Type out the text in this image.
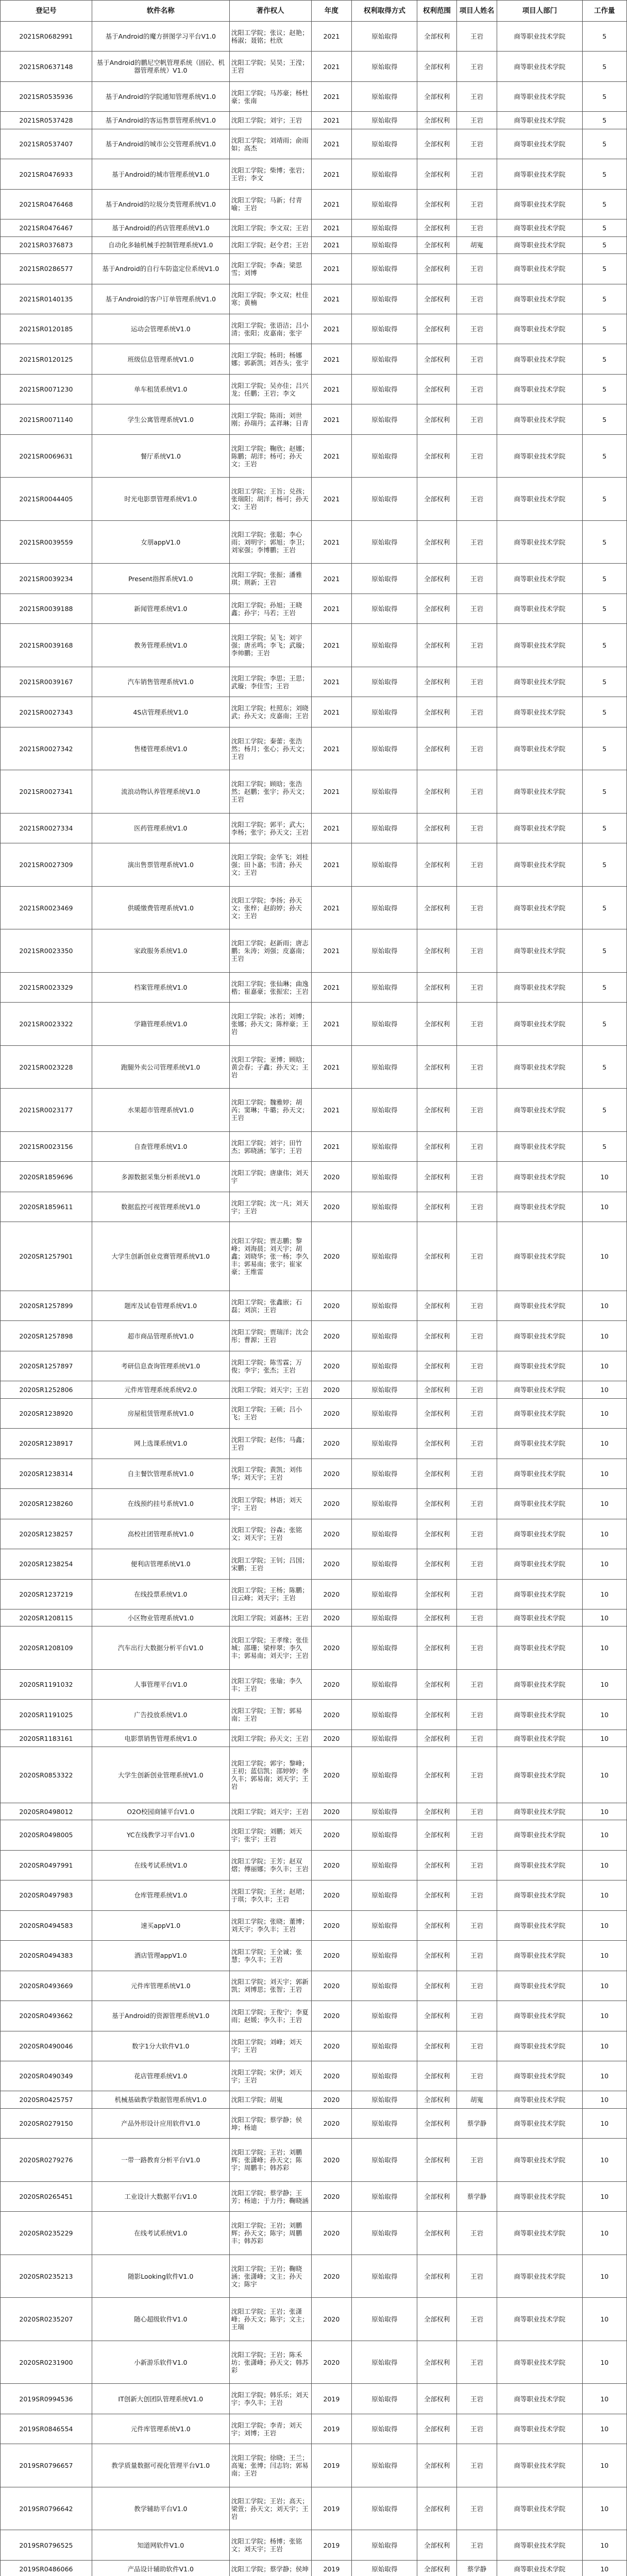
登记号	软件名称	著作权人	年度	权利取得方式	权利范围	项目人姓名	项目人部门	工作量
2021SR0682991	基于Android的魔方拼图学习平台V1.0	沈阳工学院；张议；赵艳；杨淑；聂铭；杜欣	2021	原始取得	全部权利	王岩	商等职业技术学院	5
2021SR0637148	基于Android的鹏尼空帆管理系统（固砼、机器管理系统）V1.0	沈阳工学院；吴昊；王滢；王岩	2021	原始取得	全部权利	王岩	商等职业技术学院	5
2021SR0535936	基于Android的学院通知管理系统V1.0	沈阳工学院；马苏豪；杨杜豪；张南	2021	原始取得	全部权利	王岩	商等职业技术学院	5
2021SR0537428	基于Android的客运售票管理系统V1.0	沈阳工学院；刘宇；王岩	2021	原始取得	全部权利	王岩	商等职业技术学院	5
2021SR0537407	基于Android的城市公交管理系统V1.0	沈阳工学院；刘靖雨；俞雨如；高杰	2021	原始取得	全部权利	王岩	商等职业技术学院	5
2021SR0476933	基于Android的城市管理系统V1.0	沈阳工学院；柴博；张岩；王岩；李文	2021	原始取得	全部权利	王岩	商等职业技术学院	5
2021SR0476468	基于Android的垃圾分类管理系统V1.0	沈阳工学院；马新；付青喻；王岩	2021	原始取得	全部权利	王岩	商等职业技术学院	5
2021SR0476467	基于Android的药店管理系统V1.0	沈阳工学院；李文双；王岩	2021	原始取得	全部权利	王岩	商等职业技术学院	5
2021SR0376873	自动化多轴机械手控制管理系统V1.0	沈阳工学院；赵令君；王岩	2021	原始取得	全部权利	胡嵬	商等职业技术学院	5
2021SR0286577	基于Android的自行车防盗定位系统V1.0	沈阳工学院；李森；梁思雪；刘博	2021	原始取得	全部权利	王岩	商等职业技术学院	5
2021SR0140135	基于Android的客户订单管理系统V1.0	沈阳工学院；李文双；杜佳寒；黄楠	2021	原始取得	全部权利	王岩	商等职业技术学院	5
2021SR0120185	运动会管理系统V1.0	沈阳工学院；张语洁；吕小清；张阳；皮嘉南；张宇	2021	原始取得	全部权利	王岩	商等职业技术学院	5
2021SR0120125	班级信息管理系统V1.0	沈阳工学院；杨玥；杨娜娜；郭新凯；刘杏头；张宇	2021	原始取得	全部权利	王岩	商等职业技术学院	5
2021SR0071230	单车租赁系统V1.0	沈阳工学院；吴亦佳；吕兴龙；任鹏；王岩；李文	2021	原始取得	全部权利	王岩	商等职业技术学院	5
2021SR0071140	学生公寓管理系统V1.0	沈阳工学院；陈雨；刘世刚；孙瑞丹；孟祥琳；日青	2021	原始取得	全部权利	王岩	商等职业技术学院	5
2021SR0069631	餐厅系统V1.0	沈阳工学院；鞠欣；赵娜；陈鹏；胡洋；杨可；孙天文；王岩	2021	原始取得	全部权利	王岩	商等职业技术学院	5
2021SR0044405	时光电影票管理系统V1.0	沈阳工学院；王旨；兑孩；张瑞阳；胡洋；杨可；孙天文；王岩	2021	原始取得	全部权利	王岩	商等职业技术学院	5
2021SR0039559	女朋appV1.0	沈阳工学院；张聪；李心雨；刘明宇；郭旭；李卫；刘家强；李博鹏；王岩	2021	原始取得	全部权利	王岩	商等职业技术学院	5
2021SR0039234	Present指挥系统V1.0	沈阳工学院；张振；潘雅琪；荆新；王岩	2021	原始取得	全部权利	王岩	商等职业技术学院	5
2021SR0039188	新闻管理系统V1.0	沈阳工学院；孙旭；王晓鑫；孙宇；马若；王岩	2021	原始取得	全部权利	王岩	商等职业技术学院	5
2021SR0039168	教务管理系统V1.0	沈阳工学院；吴飞；刘宇强；唐丞鸣；李飞；武璇；李帅鹏；王岩	2021	原始取得	全部权利	王岩	商等职业技术学院	5
2021SR0039167	汽车销售管理系统V1.0	沈阳工学院；李思；王思；武璇；李佳雪；王岩	2021	原始取得	全部权利	王岩	商等职业技术学院	5
2021SR0027343	4S店管理系统V1.0	沈阳工学院；杜照东；刘晓武；孙天文；皮嘉南；王岩	2021	原始取得	全部权利	王岩	商等职业技术学院	5
2021SR0027342	售楼管理系统V1.0	沈阳工学院；秦蕾；张浩然；杨月；张心；孙天文；王岩	2021	原始取得	全部权利	王岩	商等职业技术学院	5
2021SR0027341	流浪动物认养管理系统V1.0	沈阳工学院；顾晗；张浩然；赵鹏；张宇；孙天文；王岩	2021	原始取得	全部权利	王岩	商等职业技术学院	5
2021SR0027334	医药管理系统V1.0	沈阳工学院；郭平；武大；李杨；张宇；孙天文；王岩	2021	原始取得	全部权利	王岩	商等职业技术学院	5
2021SR0027309	演出售票管理系统V1.0	沈阳工学院；金华飞；刘桂强；田卜嘉；韦清；孙天文；王岩	2021	原始取得	全部权利	王岩	商等职业技术学院	5
2021SR0023469	供暖缴费管理系统V1.0	沈阳工学院；李扬；孙天文；张梓；赵韵婷；孙天文；王岩	2021	原始取得	全部权利	王岩	商等职业技术学院	5
2021SR0023350	家政服务系统V1.0	沈阳工学院；赵新雨；唐志鹏；朱涛；刘强；皮嘉南；王岩	2021	原始取得	全部权利	王岩	商等职业技术学院	5
2021SR0023329	档案管理系统V1.0	沈阳工学院；张仙琳；曲逸楷；崔嘉豪；张振宏；王岩	2021	原始取得	全部权利	王岩	商等职业技术学院	5
2021SR0023322	学籍管理系统V1.0	沈阳工学院；冰若；刘博；张娜；孙天文；陈梓豪；王岩	2021	原始取得	全部权利	王岩	商等职业技术学院	5
2021SR0023228	跑腿外卖公司管理系统V1.0	沈阳工学院；亚博；顾晗；黄会春；子鑫；孙天文；王岩	2021	原始取得	全部权利	王岩	商等职业技术学院	5
2021SR0023177	水果超市管理系统V1.0	沈阳工学院；魏雅婷；胡芮；窦琳；牛璐；孙天文；王岩	2021	原始取得	全部权利	王岩	商等职业技术学院	5
2021SR0023156	自查管理系统V1.0	沈阳工学院；刘宇；田竹杰；郭晓涵；邹宇；王岩	2021	原始取得	全部权利	王岩	商等职业技术学院	5
2020SR1859696	多源数据采集分析系统V1.0	沈阳工学院；唐康伟；刘天宇	2020	原始取得	全部权利	王岩	商等职业技术学院	10
2020SR1859611	数据监控可视管理系统V1.0	沈阳工学院；沈一凡；刘天宇；王岩	2020	原始取得	全部权利	王岩	商等职业技术学院	10
2020SR1257901	大学生创新创业竞赛管理系统V1.0	沈阳工学院；贾志鹏；黎峰；刘海晨；刘天宇；胡鑫；刘晓华；张一杨；李久丰；郭易南；张宇；崔家豪；王维雷	2020	原始取得	全部权利	王岩	商等职业技术学院	10
2020SR1257899	题库及试卷管理系统V1.0	沈阳工学院；张鑫嵌；石磊；刘滨；王岩	2020	原始取得	全部权利	王岩	商等职业技术学院	10
2020SR1257898	超市商品管理系统V1.0	沈阳工学院；贾瑞洋；沈会彤；曹源；王岩	2020	原始取得	全部权利	王岩	商等职业技术学院	10
2020SR1257897	考研信息查询管理系统V1.0	沈阳工学院；陈雪霖；万俊；李宇；张杰；王岩	2020	原始取得	全部权利	王岩	商等职业技术学院	10
2020SR1252806	元件库管理系统系统V2.0	沈阳工学院；刘天宇；王岩	2020	原始取得	全部权利	王岩	商等职业技术学院	10
2020SR1238920	房屋租赁管理系统V1.0	沈阳工学院；王硕；吕小飞；王岩	2020	原始取得	全部权利	王岩	商等职业技术学院	10
2020SR1238917	网上选课系统V1.0	沈阳工学院；赵伟；马鑫；王岩	2020	原始取得	全部权利	王岩	商等职业技术学院	10
2020SR1238314	自主餐饮管理系统V1.0	沈阳工学院；黄凯；刘伟华；刘天宇；王岩	2020	原始取得	全部权利	王岩	商等职业技术学院	10
2020SR1238260	在线预约挂号系统V1.0	沈阳工学院；林语；刘天宇；王岩	2020	原始取得	全部权利	王岩	商等职业技术学院	10
2020SR1238257	高校社团管理系统V1.0	沈阳工学院；谷森；张铭文；刘天宇；王岩	2020	原始取得	全部权利	王岩	商等职业技术学院	10
2020SR1238254	便利店管理系统V1.0	沈阳工学院；王钊；吕国；宋鹏；王岩	2020	原始取得	全部权利	王岩	商等职业技术学院	10
2020SR1237219	在线投票系统V1.0	沈阳工学院；王杨；陈鹏；日云峰；刘天宇；王岩	2020	原始取得	全部权利	王岩	商等职业技术学院	10
2020SR1208115	小区物业管理系统V1.0	沈阳工学院；刘嘉林；王岩	2020	原始取得	全部权利	王岩	商等职业技术学院	10
2020SR1208109	汽车出行大数据分析平台V1.0	沈阳工学院；王孝缘；张佳城；邵珊；梁梓翠；李久丰；郭易南；刘天宇；王岩	2020	原始取得	全部权利	王岩	商等职业技术学院	10
2020SR1191032	人事管理平台V1.0	沈阳工学院；张瑜；李久丰；王岩	2020	原始取得	全部权利	王岩	商等职业技术学院	10
2020SR1191025	广告投放系统V1.0	沈阳工学院；王智；郭易南；王岩	2020	原始取得	全部权利	王岩	商等职业技术学院	10
2020SR1183161	电影票销售管理系统V1.0	沈阳工学院；孙天文；王岩	2020	原始取得	全部权利	王岩	商等职业技术学院	10
2020SR0853322	大学生创新创业管理系统V1.0	沈阳工学院；郭宇；黎峰；王初；蓝信凯；邵婷婷；李久丰；郭易南；刘天宇；王岩	2020	原始取得	全部权利	王岩	商等职业技术学院	10
2020SR0498012	O2O校园商铺平台V1.0	沈阳工学院；刘天宇；王岩	2020	原始取得	全部权利	王岩	商等职业技术学院	10
2020SR0498005	YC在线教学习平台V1.0	沈阳工学院；刘鹏；刘天宇；张宇；王岩	2020	原始取得	全部权利	王岩	商等职业技术学院	10
2020SR0497991	在线考试系统V1.0	沈阳工学院；王芳；赵双熠；傅丽娜；李久丰；王岩	2020	原始取得	全部权利	王岩	商等职业技术学院	10
2020SR0497983	仓库管理系统V1.0	沈阳工学院；王丝；赵珺；于琪；李久丰；王岩	2020	原始取得	全部权利	王岩	商等职业技术学院	10
2020SR0494583	速买appV1.0	沈阳工学院；张晓；董博；刘天宇；李久丰；王岩	2020	原始取得	全部权利	王岩	商等职业技术学院	10
2020SR0494383	酒店管理appV1.0	沈阳工学院；王全诚；张慧；李久丰；王岩	2020	原始取得	全部权利	王岩	商等职业技术学院	10
2020SR0493669	元件库管理系统V1.0	沈阳工学院；刘天宇；郭新凯；刘博思；张智；王岩	2020	原始取得	全部权利	王岩	商等职业技术学院	10
2020SR0493662	基于Android的资源管理系统V1.0	沈阳工学院；王俊宁；李夏雨；赵媛；李久丰；王岩	2020	原始取得	全部权利	王岩	商等职业技术学院	10
2020SR0490046	数字1分大软件V1.0	沈阳工学院；刘峰；刘天宇；王岩	2020	原始取得	全部权利	王岩	商等职业技术学院	10
2020SR0490349	花店管理系统V1.0	沈阳工学院；宋伊；刘天宇；王岩	2020	原始取得	全部权利	王岩	商等职业技术学院	10
2020SR0425757	机械基础教学数据管理系统V1.0	沈阳工学院；胡嵬	2020	原始取得	全部权利	胡嵬	商等职业技术学院	10
2020SR0279150	产品外形设计应用软件V1.0	沈阳工学院；蔡学静；侯坤；杨迪	2020	原始取得	全部权利	蔡学静	商等职业技术学院	10
2020SR0279276	一带一路教育分析平台V1.0	沈阳工学院；王岩；刘鹏辉；张潇峰；孙天文；陈宇；周鹏丰；韩苏彩	2020	原始取得	全部权利	王岩	商等职业技术学院	10
2020SR0265451	工业设计大数据平台V1.0	沈阳工学院；蔡学静；王芳；杨迪；于力丹；鞠晓涵	2020	原始取得	全部权利	蔡学静	商等职业技术学院	10
2020SR0235229	在线考试系统V1.0	沈阳工学院；王岩；刘鹏辉；孙天文；陈宇；周鹏丰；韩苏彩	2020	原始取得	全部权利	王岩	商等职业技术学院	10
2020SR0235213	随影Looking软件V1.0	沈阳工学院；王岩；鞠晓涵；张潇峰；文主；孙天文；陈宇	2020	原始取得	全部权利	王岩	商等职业技术学院	10
2020SR0235207	随心超级软件V1.0	沈阳工学院；王岩；张潇峰；孙天文；陈宇；文主；王瑞	2020	原始取得	全部权利	王岩	商等职业技术学院	10
2020SR0231900	小新游乐软件V1.0	沈阳工学院；王岩；陈禾坊；张潇峰；孙天文；韩苏彩	2020	原始取得	全部权利	王岩	商等职业技术学院	10
2019SR0994536	IT创新大创团队管理系统V1.0	沈阳工学院；韩乐乐；刘天宇；李久丰；王岩	2019	原始取得	全部权利	王岩	商等职业技术学院	10
2019SR0846554	元件库管理系统V1.0	沈阳工学院；李青；刘天宇；刘博；王岩	2019	原始取得	全部权利	王岩	商等职业技术学院	10
2019SR0796657	教学质量数据可视化管理平台V1.0	沈阳工学院；徐晓；王兰；高嵬；张博；闫志钧；郭易南；王岩	2019	原始取得	全部权利	王岩	商等职业技术学院	10
2019SR0796642	教学辅助平台V1.0	沈阳工学院；王岩；高天；梁萱；孙天文；刘天宇；王岩	2019	原始取得	全部权利	王岩	商等职业技术学院	10
2019SR0796525	知道网软件V1.0	沈阳工学院；杨博；张铭文；刘天宇；王岩	2019	原始取得	全部权利	王岩	商等职业技术学院	10
2019SR0486066	产品设计辅助软件V1.0	沈阳工学院；蔡学静；侯坤	2019	原始取得	全部权利	蔡学静	商等职业技术学院	10
